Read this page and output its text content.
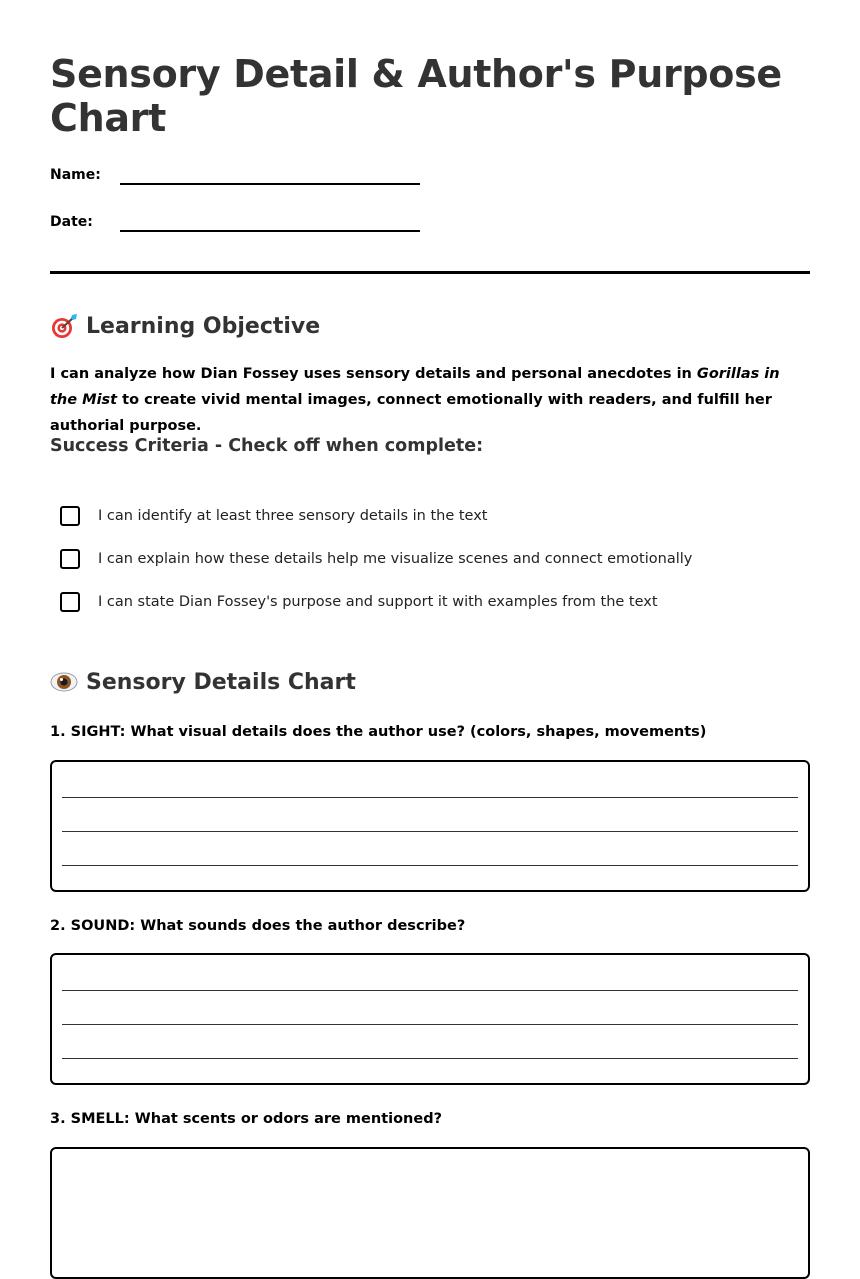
Sensory Detail & Author's Purpose Chart
Name:
Date:
Learning Objective

I can analyze how Dian Fossey uses sensory details and personal anecdotes in Gorillas in the Mist to create vivid mental images, connect emotionally with readers, and fulfill her authorial purpose.

Success Criteria - Check off when complete:
I can identify at least three sensory details in the text
I can explain how these details help me visualize scenes and connect emotionally
I can state Dian Fossey's purpose and support it with examples from the text
Sensory Details Chart

1. SIGHT: What visual details does the author use? (colors, shapes, movements)

2. SOUND: What sounds does the author describe?

3. SMELL: What scents or odors are mentioned?
